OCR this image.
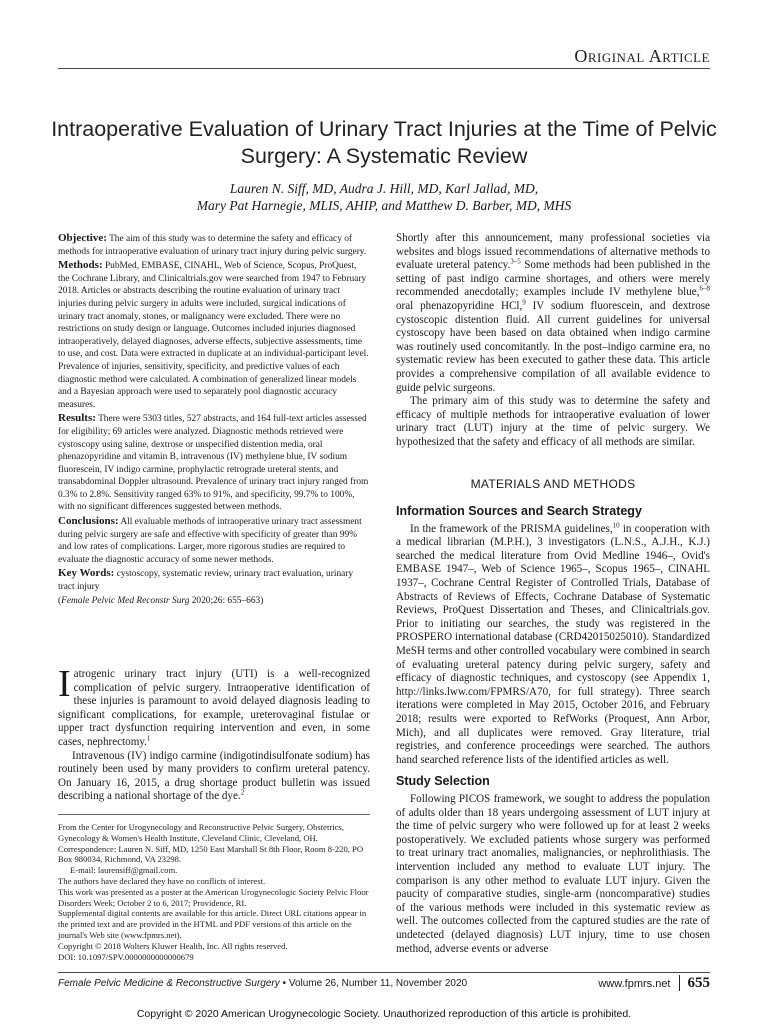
Original Article
Intraoperative Evaluation of Urinary Tract Injuries at the Time of Pelvic Surgery: A Systematic Review
Lauren N. Siff, MD, Audra J. Hill, MD, Karl Jallad, MD,
Mary Pat Harnegie, MLIS, AHIP, and Matthew D. Barber, MD, MHS

Objective: The aim of this study was to determine the safety and efficacy of methods for intraoperative evaluation of urinary tract injury during pelvic surgery.

Methods: PubMed, EMBASE, CINAHL, Web of Science, Scopus, ProQuest, the Cochrane Library, and Clinicaltrials.gov were searched from 1947 to February 2018. Articles or abstracts describing the routine evaluation of urinary tract injuries during pelvic surgery in adults were included, surgical indications of urinary tract anomaly, stones, or malignancy were excluded. There were no restrictions on study design or language. Outcomes included injuries diagnosed intraoperatively, delayed diagnoses, adverse effects, subjective assessments, time to use, and cost. Data were extracted in duplicate at an individual-participant level. Prevalence of injuries, sensitivity, specificity, and predictive values of each diagnostic method were calculated. A combination of generalized linear models and a Bayesian approach were used to separately pool diagnostic accuracy measures.

Results: There were 5303 titles, 527 abstracts, and 164 full-text articles assessed for eligibility; 69 articles were analyzed. Diagnostic methods retrieved were cystoscopy using saline, dextrose or unspecified distention media, oral phenazopyridine and vitamin B, intravenous (IV) methylene blue, IV sodium fluorescein, IV indigo carmine, prophylactic retrograde ureteral stents, and transabdominal Doppler ultrasound. Prevalence of urinary tract injury ranged from 0.3% to 2.8%. Sensitivity ranged 63% to 91%, and specificity, 99.7% to 100%, with no significant differences suggested between methods.

Conclusions: All evaluable methods of intraoperative urinary tract assessment during pelvic surgery are safe and effective with specificity of greater than 99% and low rates of complications. Larger, more rigorous studies are required to evaluate the diagnostic accuracy of some newer methods.

Key Words: cystoscopy, systematic review, urinary tract evaluation, urinary tract injury

(Female Pelvic Med Reconstr Surg 2020;26: 655–663)

Iatrogenic urinary tract injury (UTI) is a well-recognized complication of pelvic surgery. Intraoperative identification of these injuries is paramount to avoid delayed diagnosis leading to significant complications, for example, ureterovaginal fistulae or upper tract dysfunction requiring intervention and even, in some cases, nephrectomy.$^1$

Intravenous (IV) indigo carmine (indigotindisulfonate sodium) has routinely been used by many providers to confirm ureteral patency. On January 16, 2015, a drug shortage product bulletin was issued describing a national shortage of the dye.$^2$

From the Center for Urogynecology and Reconstructive Pelvic Surgery, Obstetrics, Gynecology & Women's Health Institute, Cleveland Clinic, Cleveland, OH.
Correspondence: Lauren N. Siff, MD, 1250 East Marshall St 8th Floor, Room 8-220, PO Box 980034, Richmond, VA 23298.
E-mail: laurensiff@gmail.com.
The authors have declared they have no conflicts of interest.
This work was presented as a poster at the American Urogynecologic Society Pelvic Floor Disorders Week; October 2 to 6, 2017; Providence, RI.
Supplemental digital contents are available for this article. Direct URL citations appear in the printed text and are provided in the HTML and PDF versions of this article on the journal's Web site (www.fpmrs.net).
Copyright © 2018 Wolters Kluwer Health, Inc. All rights reserved.
DOI: 10.1097/SPV.0000000000000679

Shortly after this announcement, many professional societies via websites and blogs issued recommendations of alternative methods to evaluate ureteral patency.$^{3-5}$ Some methods had been published in the setting of past indigo carmine shortages, and others were merely recommended anecdotally; examples include IV methylene blue,$^{6-8}$ oral phenazopyridine HCl,$^9$ IV sodium fluorescein, and dextrose cystoscopic distention fluid. All current guidelines for universal cystoscopy have been based on data obtained when indigo carmine was routinely used concomitantly. In the post–indigo carmine era, no systematic review has been executed to gather these data. This article provides a comprehensive compilation of all available evidence to guide pelvic surgeons.

The primary aim of this study was to determine the safety and efficacy of multiple methods for intraoperative evaluation of lower urinary tract (LUT) injury at the time of pelvic surgery. We hypothesized that the safety and efficacy of all methods are similar.

MATERIALS AND METHODS
Information Sources and Search Strategy

In the framework of the PRISMA guidelines,$^{10}$ in cooperation with a medical librarian (M.P.H.), 3 investigators (L.N.S., A.J.H., K.J.) searched the medical literature from Ovid Medline 1946–, Ovid's EMBASE 1947–, Web of Science 1965–, Scopus 1965–, CINAHL 1937–, Cochrane Central Register of Controlled Trials, Database of Abstracts of Reviews of Effects, Cochrane Database of Systematic Reviews, ProQuest Dissertation and Theses, and Clinicaltrials.gov. Prior to initiating our searches, the study was registered in the PROSPERO international database (CRD42015025010). Standardized MeSH terms and other controlled vocabulary were combined in search of evaluating ureteral patency during pelvic surgery, safety and efficacy of diagnostic techniques, and cystoscopy (see Appendix 1, http://links.lww.com/FPMRS/A70, for full strategy). Three search iterations were completed in May 2015, October 2016, and February 2018; results were exported to RefWorks (Proquest, Ann Arbor, Mich), and all duplicates were removed. Gray literature, trial registries, and conference proceedings were searched. The authors hand searched reference lists of the identified articles as well.

Study Selection

Following PICOS framework, we sought to address the population of adults older than 18 years undergoing assessment of LUT injury at the time of pelvic surgery who were followed up for at least 2 weeks postoperatively. We excluded patients whose surgery was performed to treat urinary tract anomalies, malignancies, or nephrolithiasis. The intervention included any method to evaluate LUT injury. The comparison is any other method to evaluate LUT injury. Given the paucity of comparative studies, single-arm (noncomparative) studies of the various methods were included in this systematic review as well. The outcomes collected from the captured studies are the rate of undetected (delayed diagnosis) LUT injury, time to use chosen method, adverse events or adverse

Female Pelvic Medicine & Reconstructive Surgery • Volume 26, Number 11, November 2020	www.fpmrs.net 655
Copyright © 2020 American Urogynecologic Society. Unauthorized reproduction of this article is prohibited.
